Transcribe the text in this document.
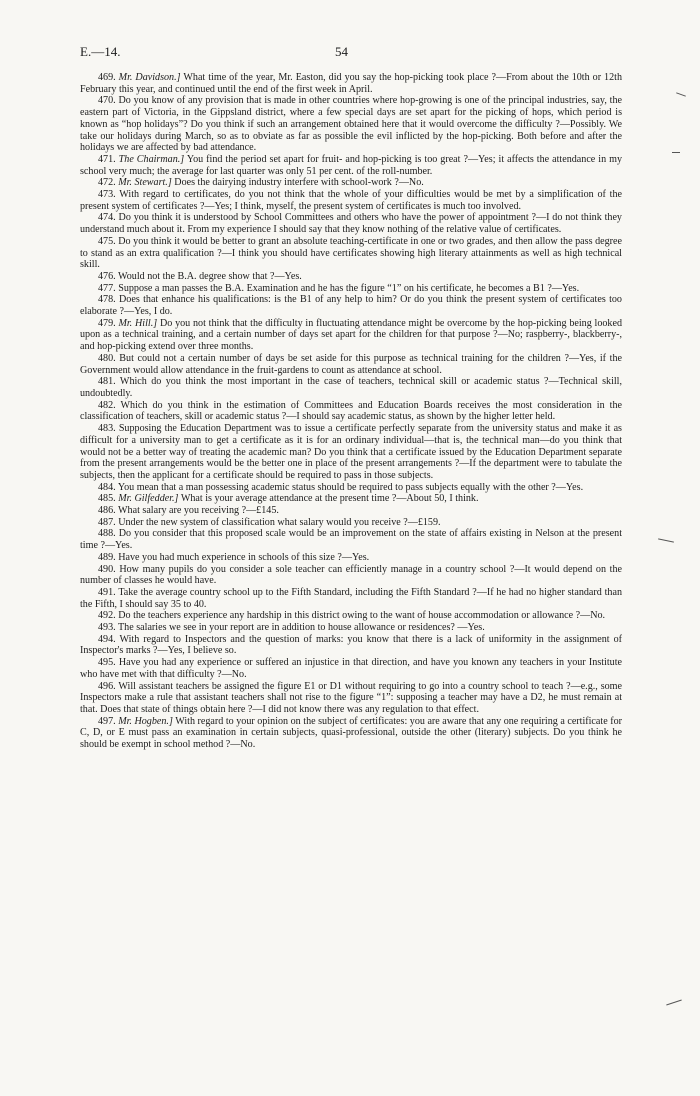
E.—14.	54

469. Mr. Davidson.] What time of the year, Mr. Easton, did you say the hop-picking took place ?—From about the 10th or 12th February this year, and continued until the end of the first week in April.

470. Do you know of any provision that is made in other countries where hop-growing is one of the principal industries, say, the eastern part of Victoria, in the Gippsland district, where a few special days are set apart for the picking of hops, which period is known as “hop holidays”? Do you think if such an arrangement obtained here that it would overcome the difficulty ?—Possibly. We take our holidays during March, so as to obviate as far as possible the evil inflicted by the hop-picking. Both before and after the holidays we are affected by bad attendance.

471. The Chairman.] You find the period set apart for fruit- and hop-picking is too great ?—Yes; it affects the attendance in my school very much; the average for last quarter was only 51 per cent. of the roll-number.

472. Mr. Stewart.] Does the dairying industry interfere with school-work ?—No.

473. With regard to certificates, do you not think that the whole of your difficulties would be met by a simplification of the present system of certificates ?—Yes; I think, myself, the present system of certificates is much too involved.

474. Do you think it is understood by School Committees and others who have the power of appointment ?—I do not think they understand much about it. From my experience I should say that they know nothing of the relative value of certificates.

475. Do you think it would be better to grant an absolute teaching-certificate in one or two grades, and then allow the pass degree to stand as an extra qualification ?—I think you should have certificates showing high literary attainments as well as high technical skill.

476. Would not the B.A. degree show that ?—Yes.

477. Suppose a man passes the B.A. Examination and he has the figure “1” on his certificate, he becomes a B1 ?—Yes.

478. Does that enhance his qualifications: is the B1 of any help to him? Or do you think the present system of certificates too elaborate ?—Yes, I do.

479. Mr. Hill.] Do you not think that the difficulty in fluctuating attendance might be overcome by the hop-picking being looked upon as a technical training, and a certain number of days set apart for the children for that purpose ?—No; raspberry-, blackberry-, and hop-picking extend over three months.

480. But could not a certain number of days be set aside for this purpose as technical training for the children ?—Yes, if the Government would allow attendance in the fruit-gardens to count as attendance at school.

481. Which do you think the most important in the case of teachers, technical skill or academic status ?—Technical skill, undoubtedly.

482. Which do you think in the estimation of Committees and Education Boards receives the most consideration in the classification of teachers, skill or academic status ?—I should say academic status, as shown by the higher letter held.

483. Supposing the Education Department was to issue a certificate perfectly separate from the university status and make it as difficult for a university man to get a certificate as it is for an ordinary individual—that is, the technical man—do you think that would not be a better way of treating the academic man? Do you think that a certificate issued by the Education Department separate from the present arrangements would be the better one in place of the present arrangements ?—If the department were to tabulate the subjects, then the applicant for a certificate should be required to pass in those subjects.

484. You mean that a man possessing academic status should be required to pass subjects equally with the other ?—Yes.

485. Mr. Gilfedder.] What is your average attendance at the present time ?—About 50, I think.

486. What salary are you receiving ?—£145.

487. Under the new system of classification what salary would you receive ?—£159.

488. Do you consider that this proposed scale would be an improvement on the state of affairs existing in Nelson at the present time ?—Yes.

489. Have you had much experience in schools of this size ?—Yes.

490. How many pupils do you consider a sole teacher can efficiently manage in a country school ?—It would depend on the number of classes he would have.

491. Take the average country school up to the Fifth Standard, including the Fifth Standard ?—If he had no higher standard than the Fifth, I should say 35 to 40.

492. Do the teachers experience any hardship in this district owing to the want of house accommodation or allowance ?—No.

493. The salaries we see in your report are in addition to house allowance or residences? —Yes.

494. With regard to Inspectors and the question of marks: you know that there is a lack of uniformity in the assignment of Inspector's marks ?—Yes, I believe so.

495. Have you had any experience or suffered an injustice in that direction, and have you known any teachers in your Institute who have met with that difficulty ?—No.

496. Will assistant teachers be assigned the figure E1 or D1 without requiring to go into a country school to teach ?—e.g., some Inspectors make a rule that assistant teachers shall not rise to the figure “1”: supposing a teacher may have a D2, he must remain at that. Does that state of things obtain here ?—I did not know there was any regulation to that effect.

497. Mr. Hogben.] With regard to your opinion on the subject of certificates: you are aware that any one requiring a certificate for C, D, or E must pass an examination in certain subjects, quasi-professional, outside the other (literary) subjects. Do you think he should be exempt in school method ?—No.
